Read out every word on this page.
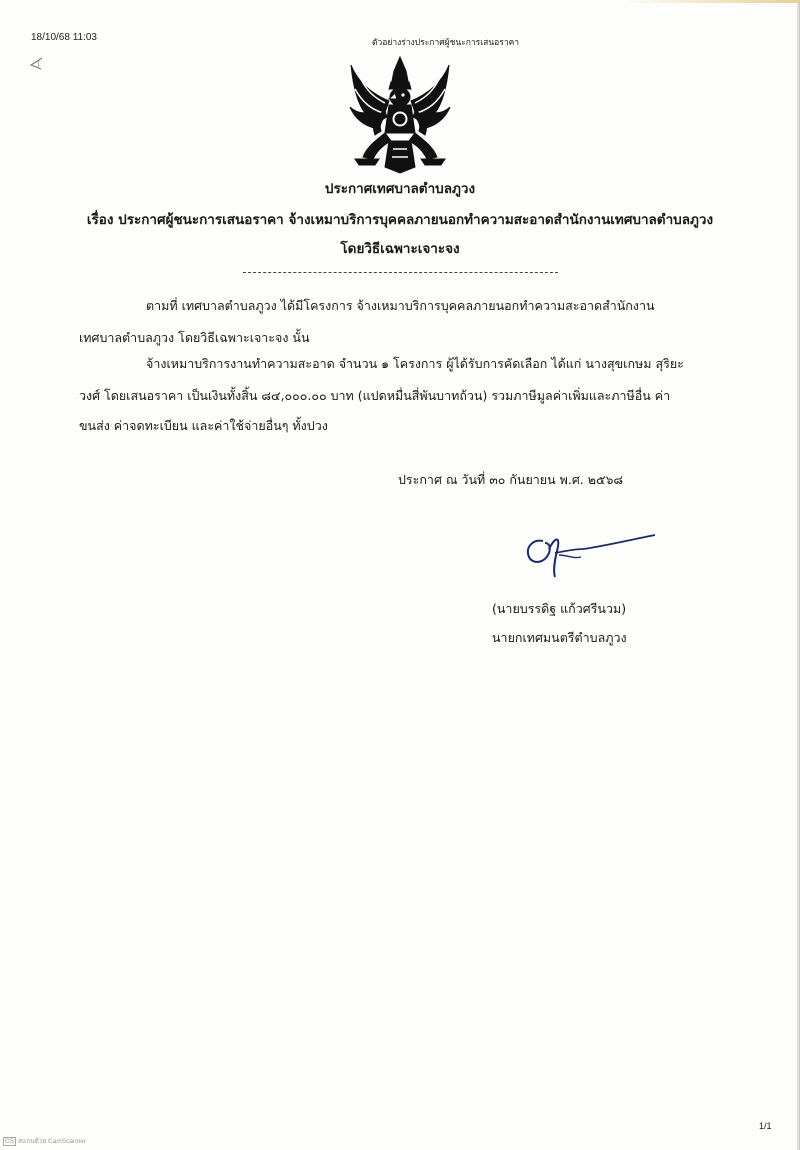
18/10/68 11:03	ตัวอย่างร่างประกาศผู้ชนะการเสนอราคา
ประกาศเทศบาลตำบลภูวง
เรื่อง ประกาศผู้ชนะการเสนอราคา จ้างเหมาบริการบุคคลภายนอกทำความสะอาดสำนักงานเทศบาลตำบลภูวง
โดยวิธีเฉพาะเจาะจง
ตามที่ เทศบาลตำบลภูวง ได้มีโครงการ จ้างเหมาบริการบุคคลภายนอกทำความสะอาดสำนักงาน
เทศบาลตำบลภูวง โดยวิธีเฉพาะเจาะจง นั้น
จ้างเหมาบริการงานทำความสะอาด จำนวน ๑ โครงการ ผู้ได้รับการคัดเลือก ได้แก่ นางสุขเกษม สุริยะ
วงศ์ โดยเสนอราคา เป็นเงินทั้งสิ้น ๘๔,๐๐๐.๐๐ บาท (แปดหมื่นสี่พันบาทถ้วน) รวมภาษีมูลค่าเพิ่มและภาษีอื่น ค่า
ขนส่ง ค่าจดทะเบียน และค่าใช้จ่ายอื่นๆ ทั้งปวง
ประกาศ ณ วันที่ ๓๐ กันยายน พ.ศ. ๒๕๖๘
(นายบรรดิฐ แก้วศรีนวม)
นายกเทศมนตรีตำบลภูวง
1/1
CS สแกนด้วย CamScanner
